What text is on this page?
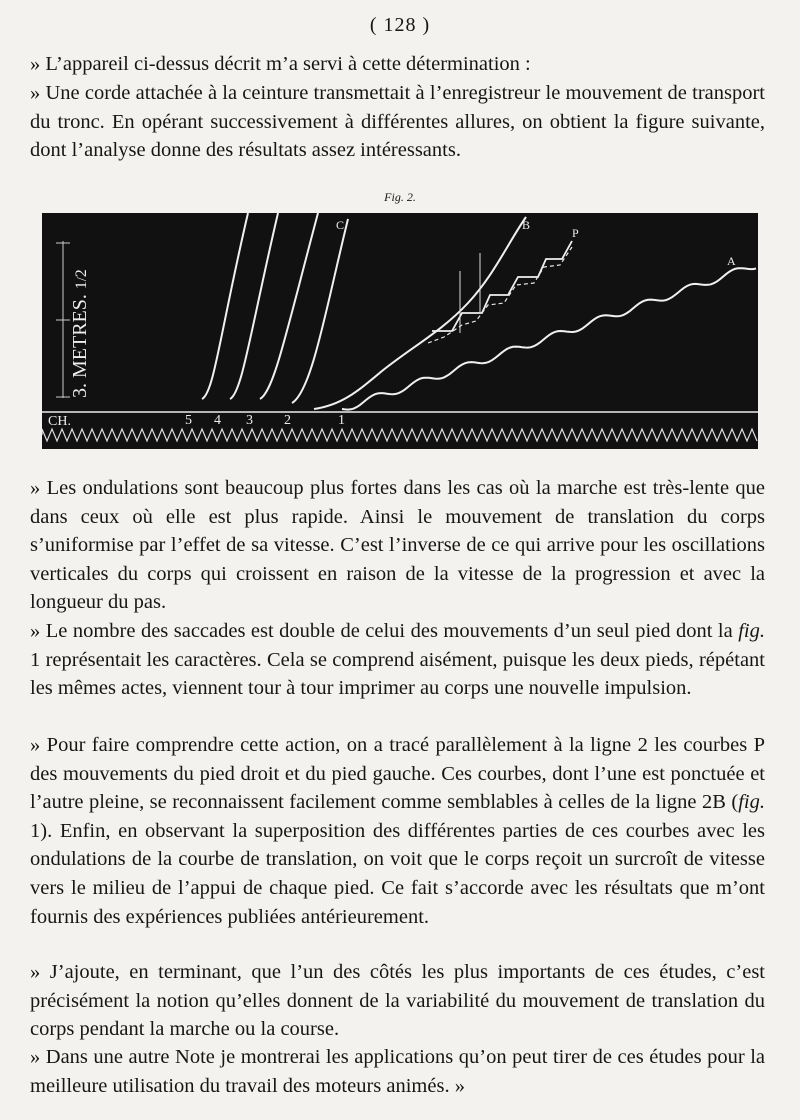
( 128 )

» L’appareil ci-dessus décrit m’a servi à cette détermination :

» Une corde attachée à la ceinture transmettait à l’enregistreur le mouvement de transport du tronc. En opérant successivement à différentes allures, on obtient la figure suivante, dont l’analyse donne des résultats assez intéressants.

Fig. 2.
3. METRES. 1/2
CH.	5 4 3 2	1
C	B
P
A

» Les ondulations sont beaucoup plus fortes dans les cas où la marche est très-lente que dans ceux où elle est plus rapide. Ainsi le mouvement de translation du corps s’uniformise par l’effet de sa vitesse. C’est l’inverse de ce qui arrive pour les oscillations verticales du corps qui croissent en raison de la vitesse de la progression et avec la longueur du pas.

» Le nombre des saccades est double de celui des mouvements d’un seul pied dont la fig. 1 représentait les caractères. Cela se comprend aisément, puisque les deux pieds, répétant les mêmes actes, viennent tour à tour imprimer au corps une nouvelle impulsion.

» Pour faire comprendre cette action, on a tracé parallèlement à la ligne 2 les courbes P des mouvements du pied droit et du pied gauche. Ces courbes, dont l’une est ponctuée et l’autre pleine, se reconnaissent facilement comme semblables à celles de la ligne 2B (fig. 1). Enfin, en observant la superposition des différentes parties de ces courbes avec les ondulations de la courbe de translation, on voit que le corps reçoit un surcroît de vitesse vers le milieu de l’appui de chaque pied. Ce fait s’accorde avec les résultats que m’ont fournis des expériences publiées antérieurement.

» J’ajoute, en terminant, que l’un des côtés les plus importants de ces études, c’est précisément la notion qu’elles donnent de la variabilité du mouvement de translation du corps pendant la marche ou la course.

» Dans une autre Note je montrerai les applications qu’on peut tirer de ces études pour la meilleure utilisation du travail des moteurs animés. »
